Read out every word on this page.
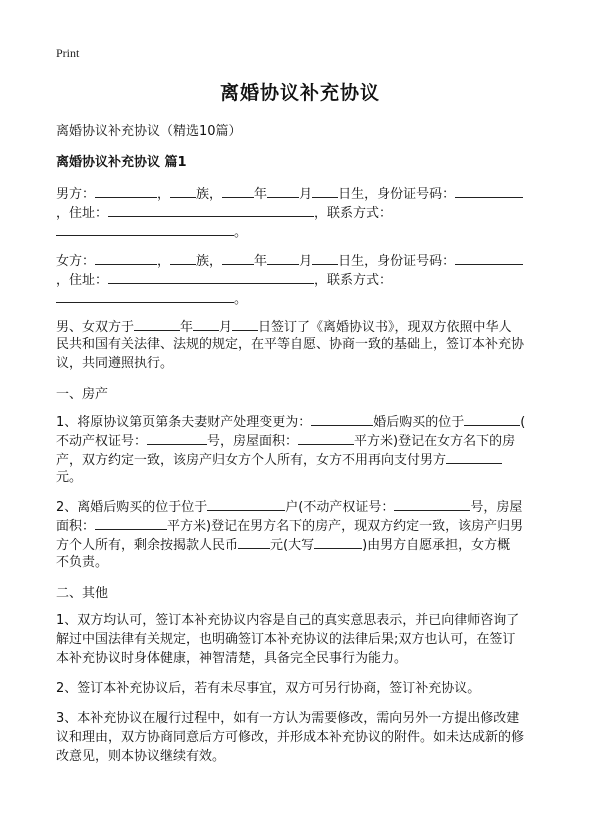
Print
离婚协议补充协议
离婚协议补充协议（精选10篇）
离婚协议补充协议 篇1
男方：	， 族， 年 月 日生，身份证号码：
，住址：	，联系方式：
。
女方：	， 族， 年 月 日生，身份证号码：
，住址：	，联系方式：
。
男、女双方于	年 月 日签订了《离婚协议书》，现双方依照中华人
民共和国有关法律、法规的规定，在平等自愿、协商一致的基础上，签订本补充协
议，共同遵照执行。
一、房产
1、将原协议第页第条夫妻财产处理变更为：	婚后购买的位于	(
不动产权证号：	号，房屋面积：	平方米)登记在女方名下的房
产，双方约定一致，该房产归女方个人所有，女方不用再向支付男方
元。
2、离婚后购买的位于位于	户(不动产权证号：	号，房屋
面积：	平方米)登记在男方名下的房产，现双方约定一致，该房产归男
方个人所有，剩余按揭款人民币 元(大写	)由男方自愿承担，女方概
不负责。
二、其他
1、双方均认可，签订本补充协议内容是自己的真实意思表示，并已向律师咨询了
解过中国法律有关规定，也明确签订本补充协议的法律后果;双方也认可，在签订
本补充协议时身体健康，神智清楚，具备完全民事行为能力。
2、签订本补充协议后，若有未尽事宜，双方可另行协商，签订补充协议。
3、本补充协议在履行过程中，如有一方认为需要修改，需向另外一方提出修改建
议和理由，双方协商同意后方可修改，并形成本补充协议的附件。如未达成新的修
改意见，则本协议继续有效。
